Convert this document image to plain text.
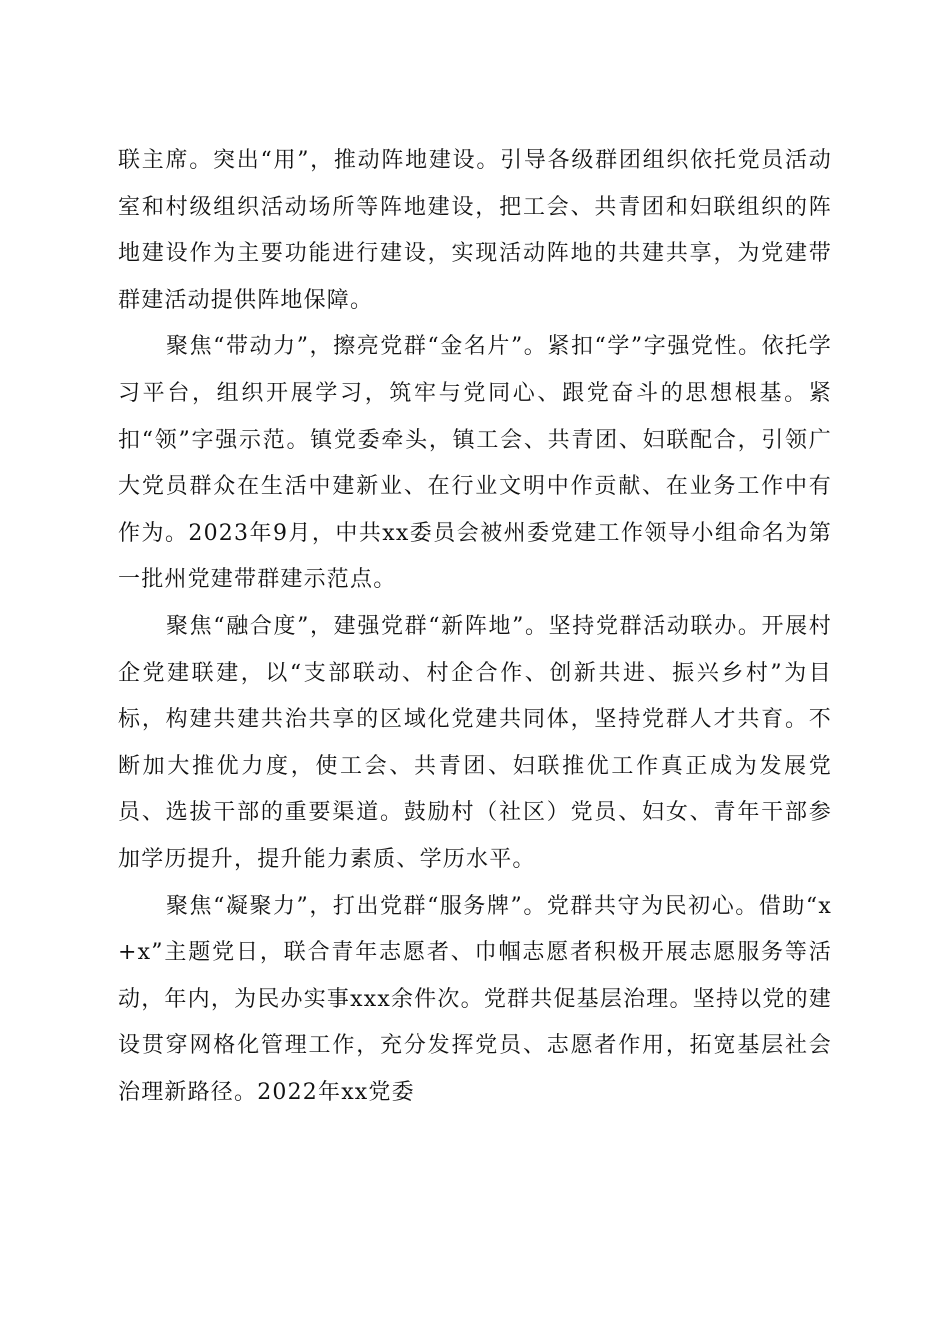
联主席。突出“用”，推动阵地建设。引导各级群团组织依托党员活动室和村级组织活动场所等阵地建设，把工会、共青团和妇联组织的阵地建设作为主要功能进行建设，实现活动阵地的共建共享，为党建带群建活动提供阵地保障。

聚焦“带动力”，擦亮党群“金名片”。紧扣“学”字强党性。依托学习平台，组织开展学习，筑牢与党同心、跟党奋斗的思想根基。紧扣“领”字强示范。镇党委牵头，镇工会、共青团、妇联配合，引领广大党员群众在生活中建新业、在行业文明中作贡献、在业务工作中有作为。2023年9月，中共xx委员会被州委党建工作领导小组命名为第一批州党建带群建示范点。

聚焦“融合度”，建强党群“新阵地”。坚持党群活动联办。开展村企党建联建，以“支部联动、村企合作、创新共进、振兴乡村”为目标，构建共建共治共享的区域化党建共同体，坚持党群人才共育。不断加大推优力度，使工会、共青团、妇联推优工作真正成为发展党员、选拔干部的重要渠道。鼓励村（社区）党员、妇女、青年干部参加学历提升，提升能力素质、学历水平。

聚焦“凝聚力”，打出党群“服务牌”。党群共守为民初心。借助“x+x”主题党日，联合青年志愿者、巾帼志愿者积极开展志愿服务等活动，年内，为民办实事xxx余件次。党群共促基层治理。坚持以党的建设贯穿网格化管理工作，充分发挥党员、志愿者作用，拓宽基层社会治理新路径。2022年xx党委
